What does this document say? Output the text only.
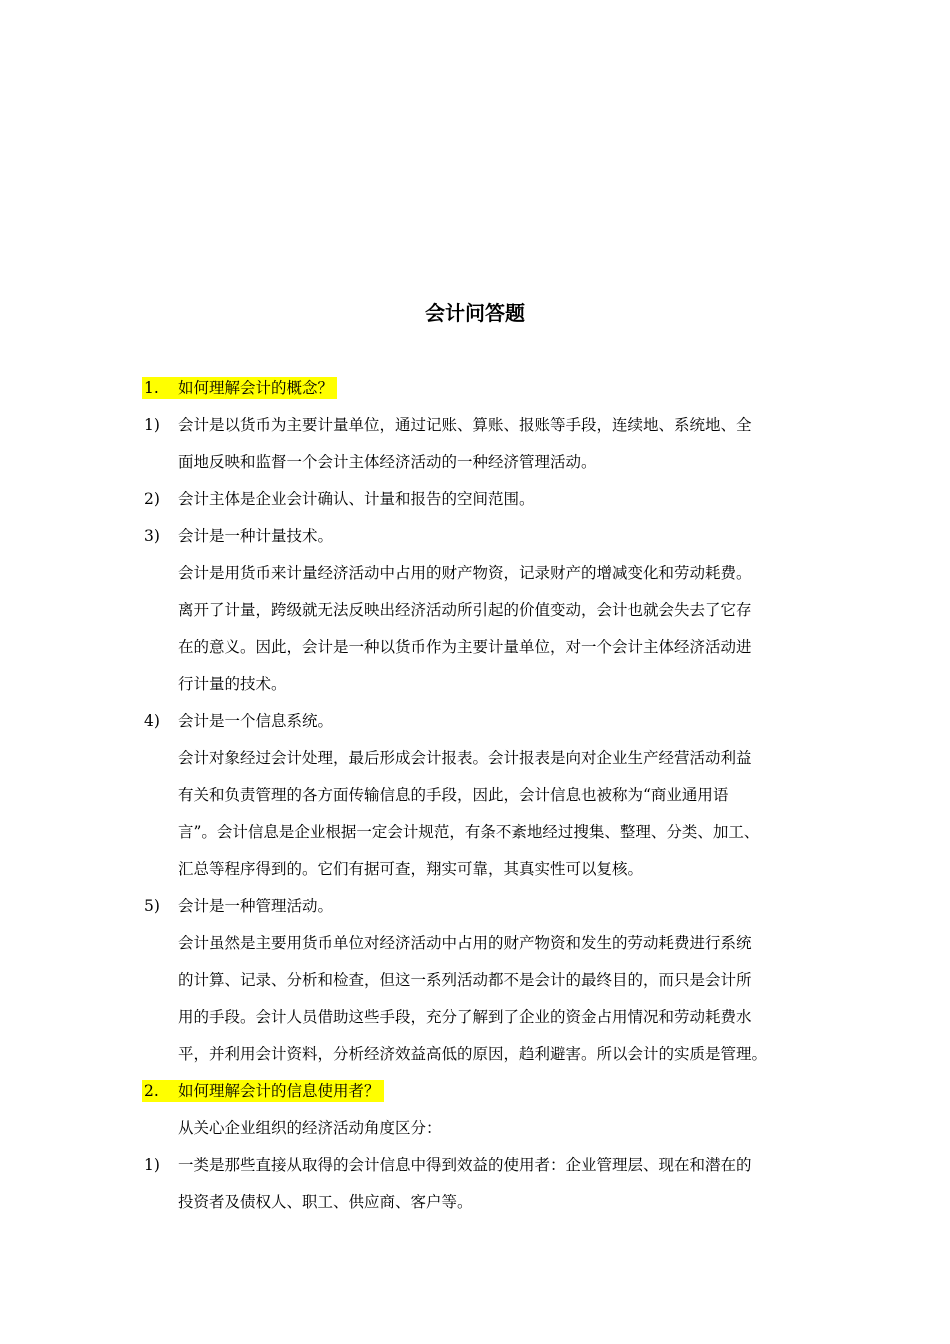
会计问答题
1.	如何理解会计的概念？
1) 会计是以货币为主要计量单位，通过记账、算账、报账等手段，连续地、系统地、全
面地反映和监督一个会计主体经济活动的一种经济管理活动。
2) 会计主体是企业会计确认、计量和报告的空间范围。
3) 会计是一种计量技术。
会计是用货币来计量经济活动中占用的财产物资，记录财产的增减变化和劳动耗费。
离开了计量，跨级就无法反映出经济活动所引起的价值变动，会计也就会失去了它存
在的意义。因此，会计是一种以货币作为主要计量单位，对一个会计主体经济活动进
行计量的技术。
4) 会计是一个信息系统。
会计对象经过会计处理，最后形成会计报表。会计报表是向对企业生产经营活动利益
有关和负责管理的各方面传输信息的手段，因此，会计信息也被称为“商业通用语
言”。会计信息是企业根据一定会计规范，有条不紊地经过搜集、整理、分类、加工、
汇总等程序得到的。它们有据可查，翔实可靠，其真实性可以复核。
5) 会计是一种管理活动。
会计虽然是主要用货币单位对经济活动中占用的财产物资和发生的劳动耗费进行系统
的计算、记录、分析和检查，但这一系列活动都不是会计的最终目的，而只是会计所
用的手段。会计人员借助这些手段，充分了解到了企业的资金占用情况和劳动耗费水
平，并利用会计资料，分析经济效益高低的原因，趋利避害。所以会计的实质是管理。
2.	如何理解会计的信息使用者？
从关心企业组织的经济活动角度区分：
1) 一类是那些直接从取得的会计信息中得到效益的使用者：企业管理层、现在和潜在的
投资者及债权人、职工、供应商、客户等。
